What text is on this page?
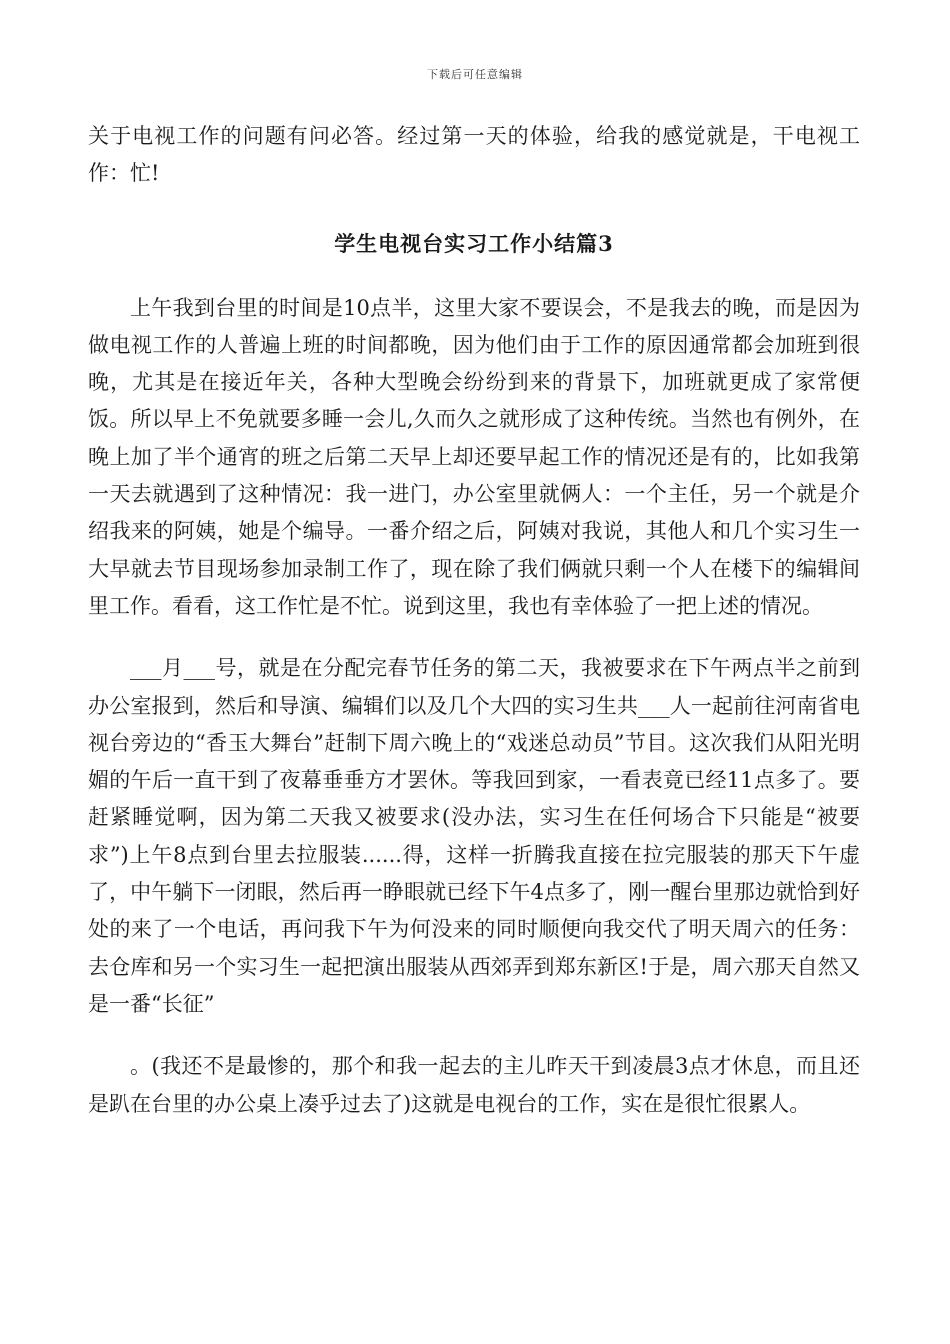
下载后可任意编辑

关于电视工作的问题有问必答。经过第一天的体验，给我的感觉就是，干电视工作：忙!

学生电视台实习工作小结篇3

上午我到台里的时间是10点半，这里大家不要误会，不是我去的晚，而是因为做电视工作的人普遍上班的时间都晚，因为他们由于工作的原因通常都会加班到很晚，尤其是在接近年关，各种大型晚会纷纷到来的背景下，加班就更成了家常便饭。所以早上不免就要多睡一会儿,久而久之就形成了这种传统。当然也有例外，在晚上加了半个通宵的班之后第二天早上却还要早起工作的情况还是有的，比如我第一天去就遇到了这种情况：我一进门，办公室里就俩人：一个主任，另一个就是介绍我来的阿姨，她是个编导。一番介绍之后，阿姨对我说，其他人和几个实习生一大早就去节目现场参加录制工作了，现在除了我们俩就只剩一个人在楼下的编辑间里工作。看看，这工作忙是不忙。说到这里，我也有幸体验了一把上述的情况。

___月___号，就是在分配完春节任务的第二天，我被要求在下午两点半之前到办公室报到，然后和导演、编辑们以及几个大四的实习生共___人一起前往河南省电视台旁边的“香玉大舞台”赶制下周六晚上的“戏迷总动员”节目。这次我们从阳光明媚的午后一直干到了夜幕垂垂方才罢休。等我回到家，一看表竟已经11点多了。要赶紧睡觉啊，因为第二天我又被要求(没办法，实习生在任何场合下只能是“被要求”)上午8点到台里去拉服装......得，这样一折腾我直接在拉完服装的那天下午虚了，中午躺下一闭眼，然后再一睁眼就已经下午4点多了，刚一醒台里那边就恰到好处的来了一个电话，再问我下午为何没来的同时顺便向我交代了明天周六的任务：去仓库和另一个实习生一起把演出服装从西郊弄到郑东新区!于是，周六那天自然又是一番“长征”

。(我还不是最惨的，那个和我一起去的主儿昨天干到凌晨3点才休息，而且还是趴在台里的办公桌上凑乎过去了)这就是电视台的工作，实在是很忙很累人。
